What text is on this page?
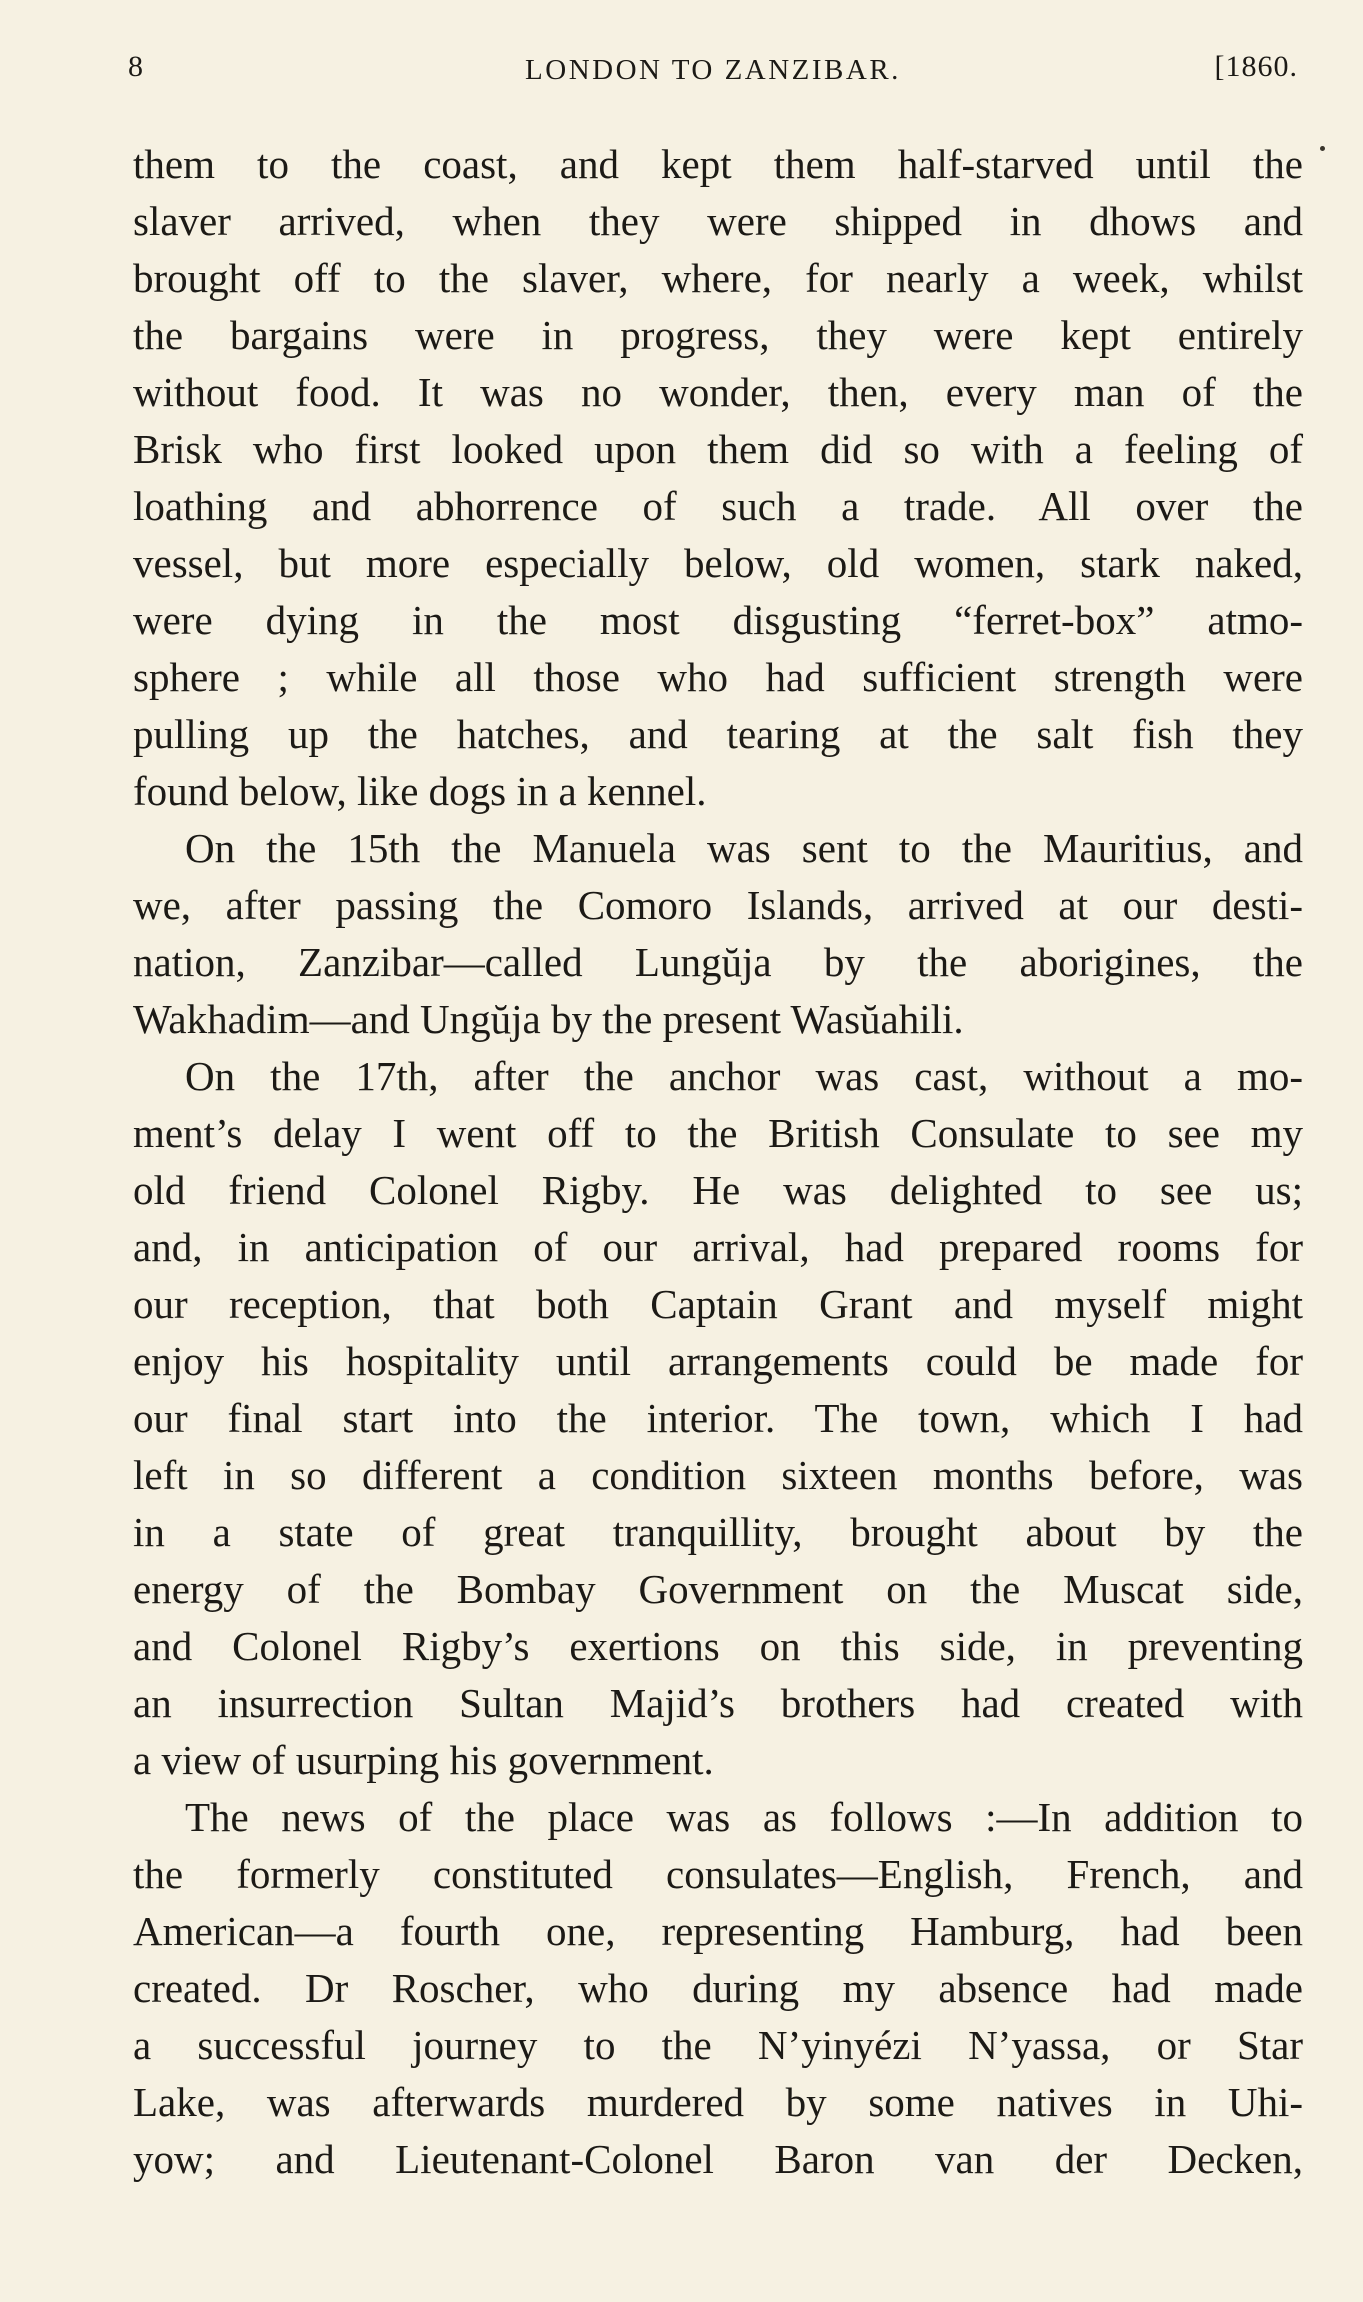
8	LONDON TO ZANZIBAR.	[1860.
them to the coast, and kept them half-starved until the
slaver arrived, when they were shipped in dhows and
brought off to the slaver, where, for nearly a week, whilst
the bargains were in progress, they were kept entirely
without food. It was no wonder, then, every man of the
Brisk who first looked upon them did so with a feeling of
loathing and abhorrence of such a trade. All over the
vessel, but more especially below, old women, stark naked,
were dying in the most disgusting “ferret-box” atmo-
sphere ; while all those who had sufficient strength were
pulling up the hatches, and tearing at the salt fish they
found below, like dogs in a kennel.
On the 15th the Manuela was sent to the Mauritius, and
we, after passing the Comoro Islands, arrived at our desti-
nation, Zanzibar—called Lungŭja by the aborigines, the
Wakhadim—and Ungŭja by the present Wasŭahili.
On the 17th, after the anchor was cast, without a mo-
ment’s delay I went off to the British Consulate to see my
old friend Colonel Rigby. He was delighted to see us;
and, in anticipation of our arrival, had prepared rooms for
our reception, that both Captain Grant and myself might
enjoy his hospitality until arrangements could be made for
our final start into the interior. The town, which I had
left in so different a condition sixteen months before, was
in a state of great tranquillity, brought about by the
energy of the Bombay Government on the Muscat side,
and Colonel Rigby’s exertions on this side, in preventing
an insurrection Sultan Majid’s brothers had created with
a view of usurping his government.
The news of the place was as follows :—In addition to
the formerly constituted consulates—English, French, and
American—a fourth one, representing Hamburg, had been
created. Dr Roscher, who during my absence had made
a successful journey to the N’yinyézi N’yassa, or Star
Lake, was afterwards murdered by some natives in Uhi-
yow; and Lieutenant-Colonel Baron van der Decken,
